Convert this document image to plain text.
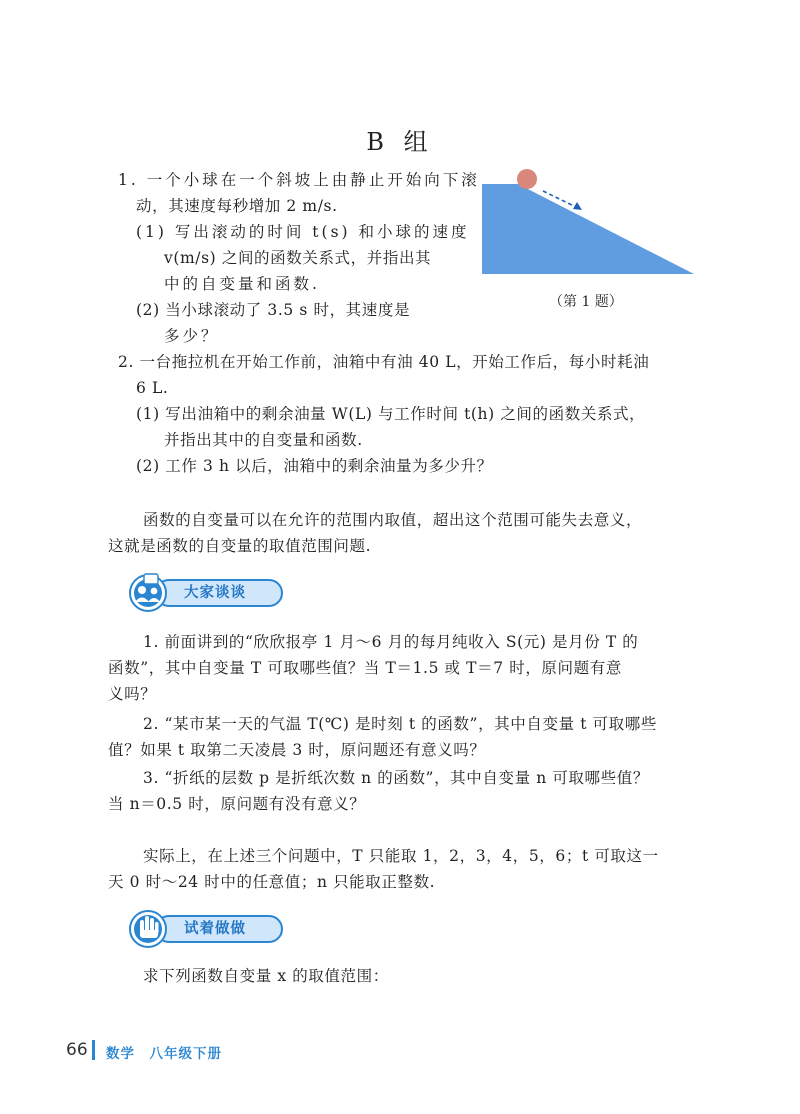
B 组
1. 一个小球在一个斜坡上由静止开始向下滚
动，其速度每秒增加 2 m/s.
(1) 写出滚动的时间 t(s) 和小球的速度
v(m/s) 之间的函数关系式，并指出其
中的自变量和函数.
(2) 当小球滚动了 3.5 s 时，其速度是
多少？
（第 1 题）
2. 一台拖拉机在开始工作前，油箱中有油 40 L，开始工作后，每小时耗油
6 L.
(1) 写出油箱中的剩余油量 W(L) 与工作时间 t(h) 之间的函数关系式，
并指出其中的自变量和函数.
(2) 工作 3 h 以后，油箱中的剩余油量为多少升？
函数的自变量可以在允许的范围内取值，超出这个范围可能失去意义，
这就是函数的自变量的取值范围问题.
大家谈谈
1. 前面讲到的“欣欣报亭 1 月～6 月的每月纯收入 S(元) 是月份 T 的
函数”，其中自变量 T 可取哪些值？当 T＝1.5 或 T＝7 时，原问题有意
义吗？
2. “某市某一天的气温 T(℃) 是时刻 t 的函数”，其中自变量 t 可取哪些
值？如果 t 取第二天凌晨 3 时，原问题还有意义吗？
3. “折纸的层数 p 是折纸次数 n 的函数”，其中自变量 n 可取哪些值？
当 n＝0.5 时，原问题有没有意义？
实际上，在上述三个问题中，T 只能取 1，2，3，4，5，6；t 可取这一
天 0 时～24 时中的任意值；n 只能取正整数.
试着做做
求下列函数自变量 x 的取值范围：
66 数学　八年级下册
